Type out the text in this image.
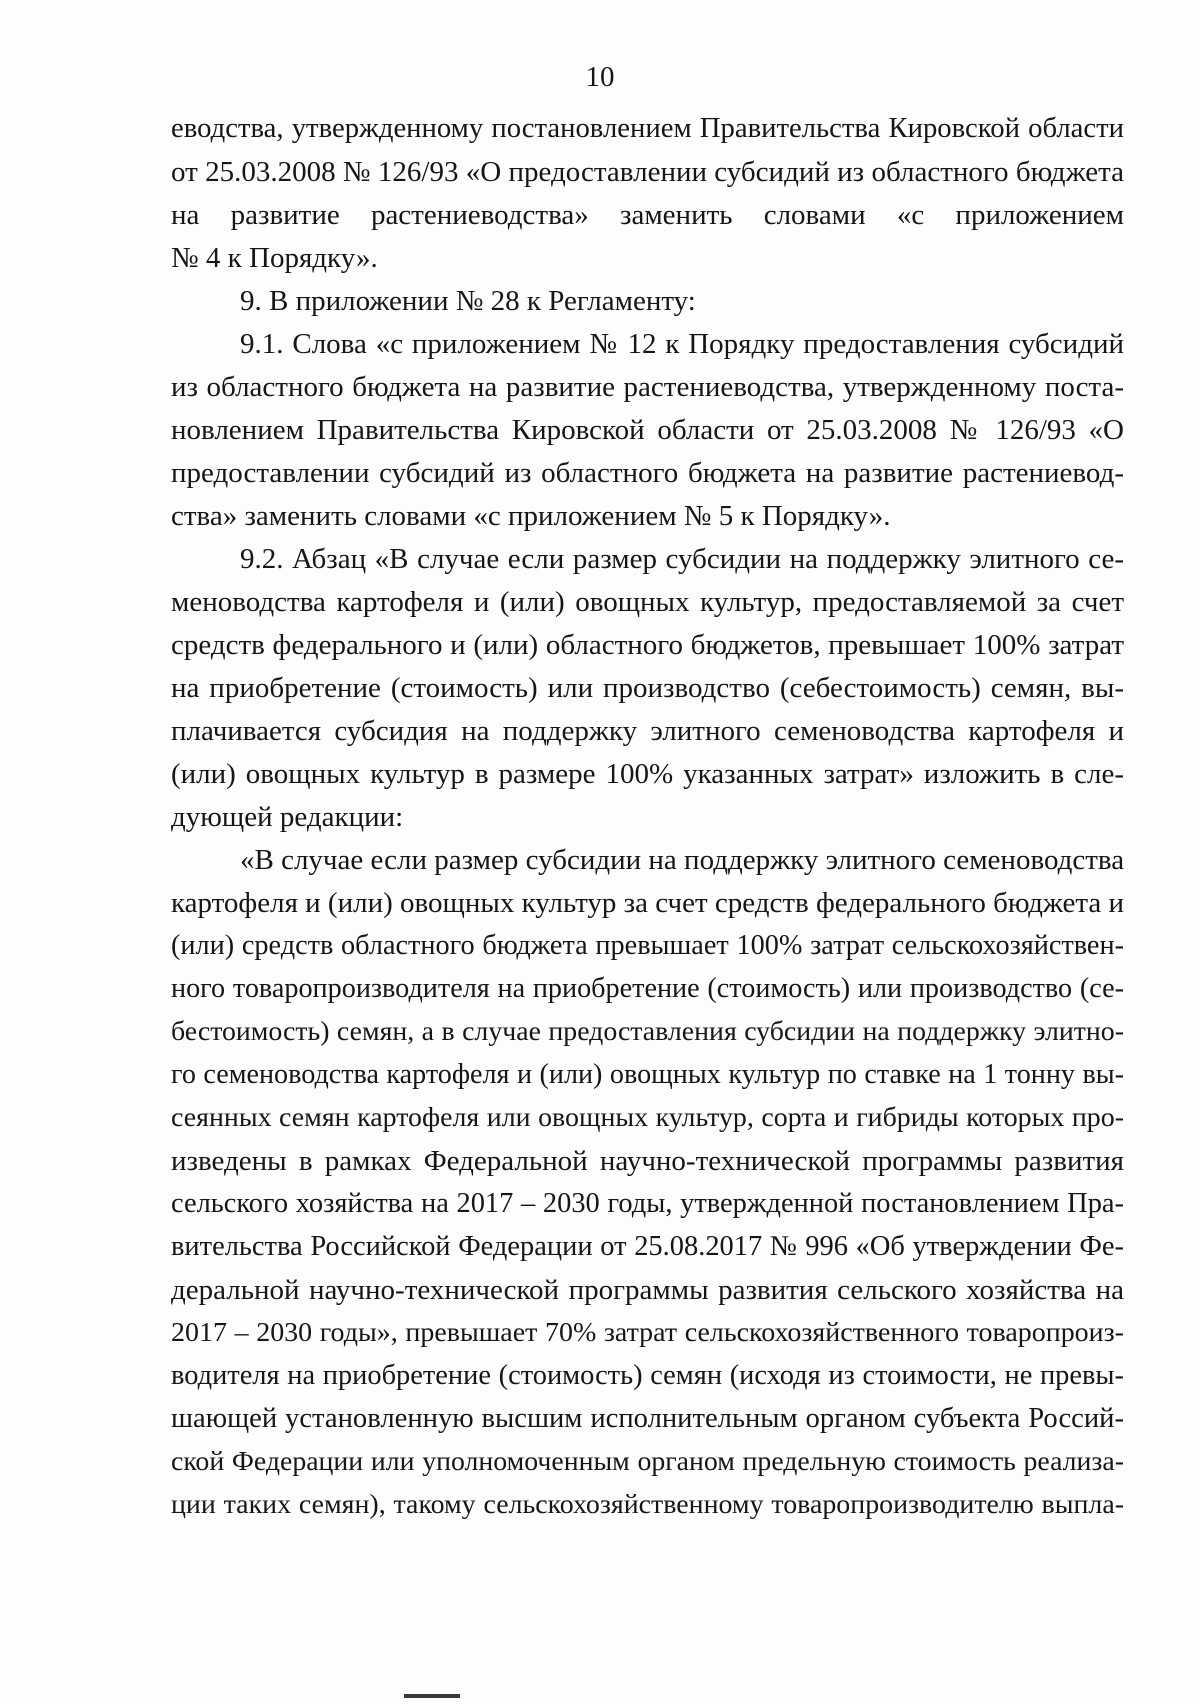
10
еводства, утвержденному постановлением Правительства Кировской области
от 25.03.2008 № 126/93 «О предоставлении субсидий из областного бюджета
на развитие растениеводства» заменить словами «с приложением
№ 4 к Порядку».
9. В приложении № 28 к Регламенту:
9.1. Слова «с приложением № 12 к Порядку предоставления субсидий
из областного бюджета на развитие растениеводства, утвержденному поста-
новлением Правительства Кировской области от 25.03.2008 № 126/93 «О
предоставлении субсидий из областного бюджета на развитие растениевод-
ства» заменить словами «с приложением № 5 к Порядку».
9.2. Абзац «В случае если размер субсидии на поддержку элитного се-
меноводства картофеля и (или) овощных культур, предоставляемой за счет
средств федерального и (или) областного бюджетов, превышает 100% затрат
на приобретение (стоимость) или производство (себестоимость) семян, вы-
плачивается субсидия на поддержку элитного семеноводства картофеля и
(или) овощных культур в размере 100% указанных затрат» изложить в сле-
дующей редакции:
«В случае если размер субсидии на поддержку элитного семеноводства
картофеля и (или) овощных культур за счет средств федерального бюджета и
(или) средств областного бюджета превышает 100% затрат сельскохозяйствен-
ного товаропроизводителя на приобретение (стоимость) или производство (се-
бестоимость) семян, а в случае предоставления субсидии на поддержку элитно-
го семеноводства картофеля и (или) овощных культур по ставке на 1 тонну вы-
сеянных семян картофеля или овощных культур, сорта и гибриды которых про-
изведены в рамках Федеральной научно-технической программы развития
сельского хозяйства на 2017 – 2030 годы, утвержденной постановлением Пра-
вительства Российской Федерации от 25.08.2017 № 996 «Об утверждении Фе-
деральной научно-технической программы развития сельского хозяйства на
2017 – 2030 годы», превышает 70% затрат сельскохозяйственного товаропроиз-
водителя на приобретение (стоимость) семян (исходя из стоимости, не превы-
шающей установленную высшим исполнительным органом субъекта Россий-
ской Федерации или уполномоченным органом предельную стоимость реализа-
ции таких семян), такому сельскохозяйственному товаропроизводителю выпла-
